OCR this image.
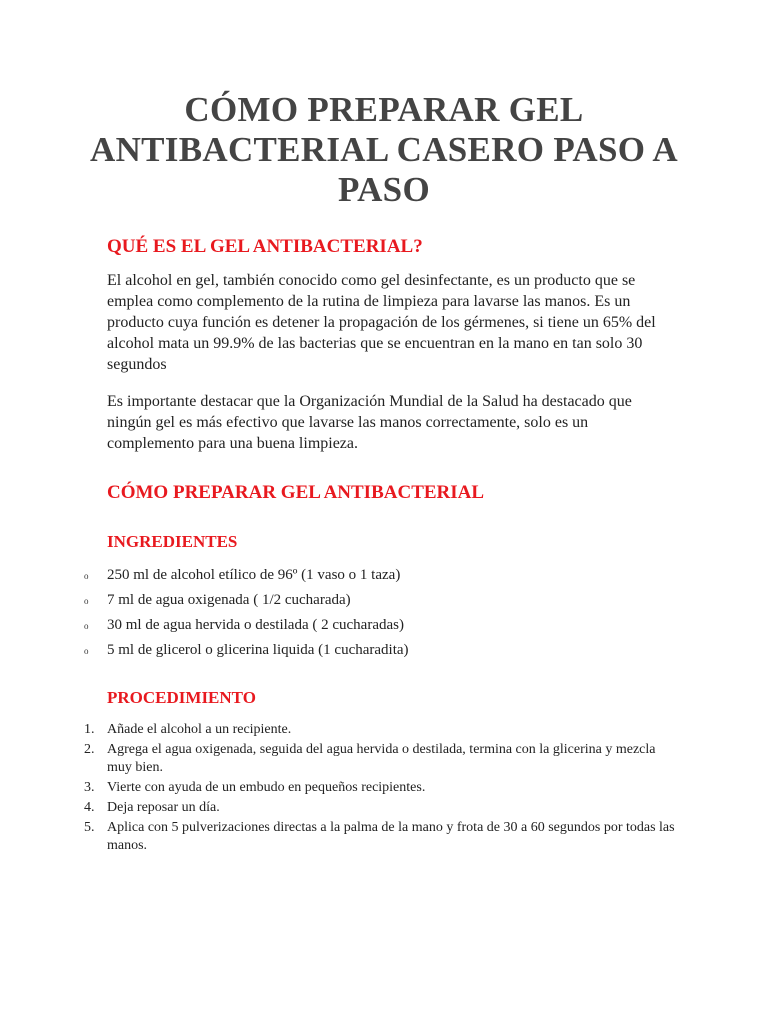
CÓMO PREPARAR GEL ANTIBACTERIAL CASERO PASO A PASO
QUÉ ES EL GEL ANTIBACTERIAL?

El alcohol en gel, también conocido como gel desinfectante, es un producto que se emplea como complemento de la rutina de limpieza para lavarse las manos. Es un producto cuya función es detener la propagación de los gérmenes, si tiene un 65% del alcohol mata un 99.9% de las bacterias que se encuentran en la mano en tan solo 30 segundos

Es importante destacar que la Organización Mundial de la Salud ha destacado que ningún gel es más efectivo que lavarse las manos correctamente, solo es un complemento para una buena limpieza.

CÓMO PREPARAR GEL ANTIBACTERIAL
INGREDIENTES
o 250 ml de alcohol etílico de 96º (1 vaso o 1 taza)
o 7 ml de agua oxigenada ( 1/2 cucharada)
o 30 ml de agua hervida o destilada ( 2 cucharadas)
o 5 ml de glicerol o glicerina liquida (1 cucharadita)
PROCEDIMIENTO
1. Añade el alcohol a un recipiente.
2. Agrega el agua oxigenada, seguida del agua hervida o destilada, termina con la glicerina y mezcla muy bien.
3. Vierte con ayuda de un embudo en pequeños recipientes.
4. Deja reposar un día.
5. Aplica con 5 pulverizaciones directas a la palma de la mano y frota de 30 a 60 segundos por todas las manos.
